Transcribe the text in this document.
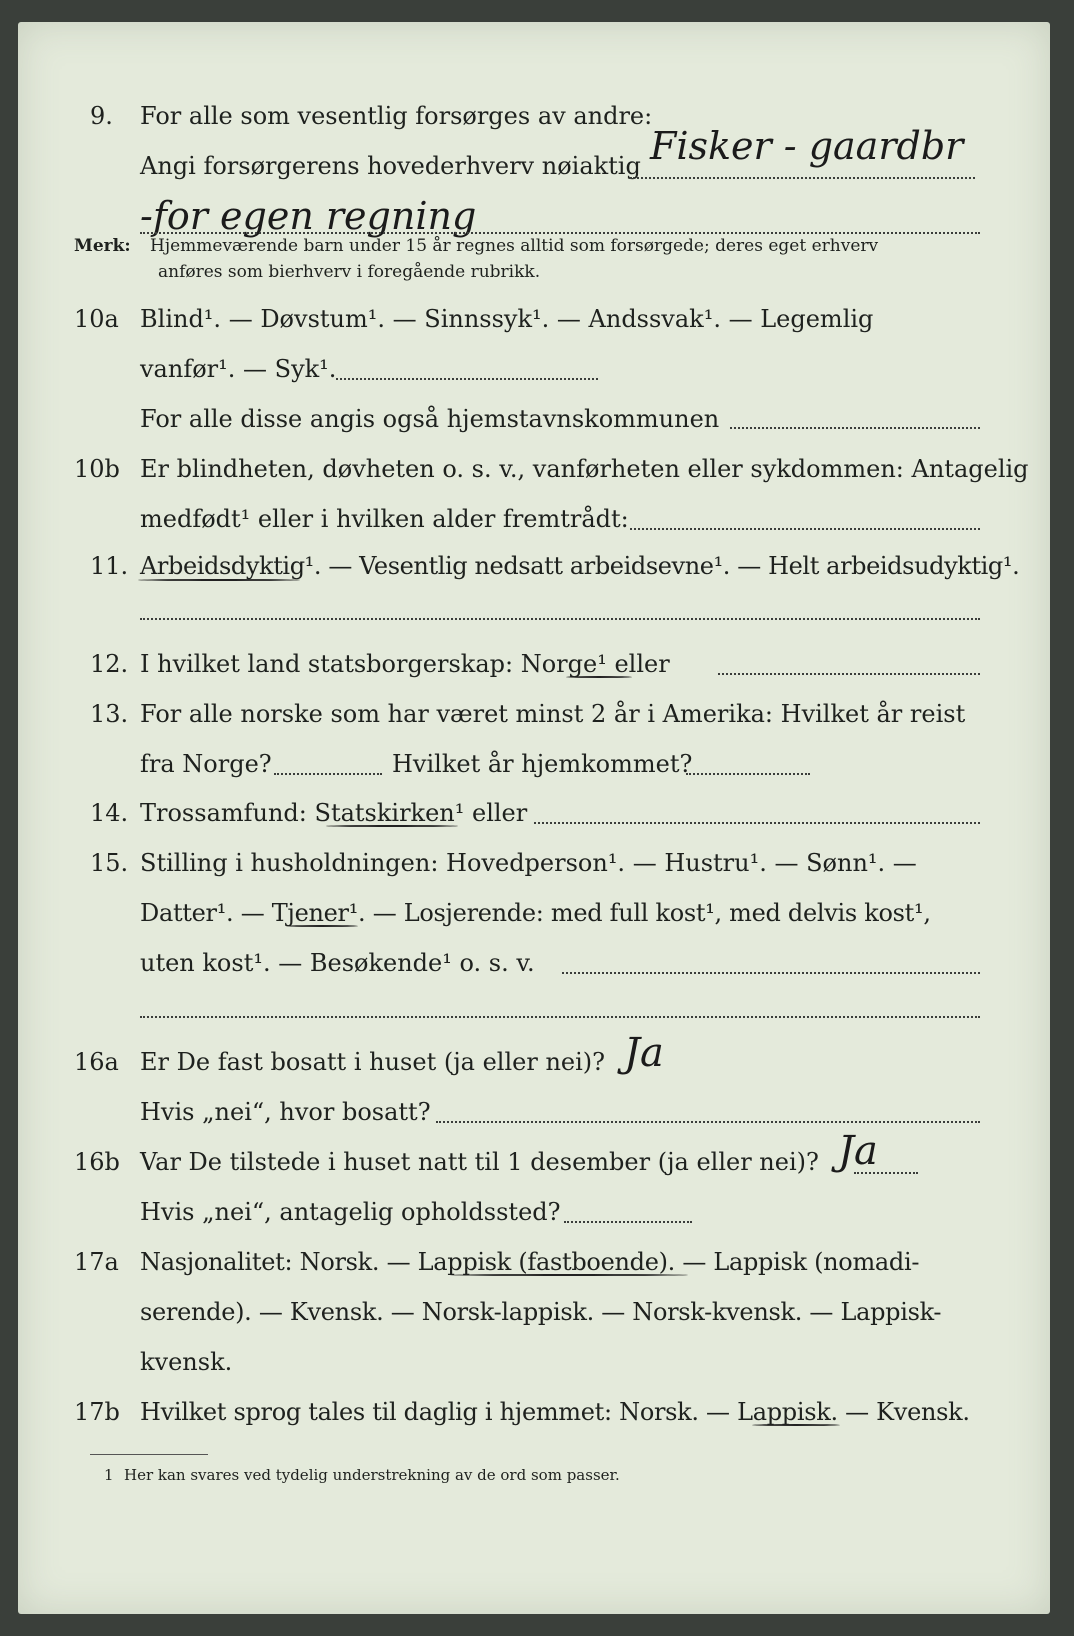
9. For alle som vesentlig forsørges av andre:
Angi forsørgerens hovederhverv nøiaktig Fisker - gaardbr
-for egen regning
Merk: Hjemmeværende barn under 15 år regnes alltid som forsørgede; deres eget erhverv
anføres som bierhverv i foregående rubrikk.
10a Blind¹. — Døvstum¹. — Sinnssyk¹. — Andssvak¹. — Legemlig
vanfør¹. — Syk¹.
For alle disse angis også hjemstavnskommunen
10b Er blindheten, døvheten o. s. v., vanførheten eller sykdommen: Antagelig
medfødt¹ eller i hvilken alder fremtrådt:
11. Arbeidsdyktig¹. — Vesentlig nedsatt arbeidsevne¹. — Helt arbeidsudyktig¹.
12. I hvilket land statsborgerskap: Norge¹ eller
13. For alle norske som har været minst 2 år i Amerika: Hvilket år reist
fra Norge?	Hvilket år hjemkommet?
14. Trossamfund: Statskirken¹ eller
15. Stilling i husholdningen: Hovedperson¹. — Hustru¹. — Sønn¹. —
Datter¹. — Tjener¹. — Losjerende: med full kost¹, med delvis kost¹,
uten kost¹. — Besøkende¹ o. s. v.
16a Er De fast bosatt i huset (ja eller nei)? Ja
Hvis „nei“, hvor bosatt?
16b Var De tilstede i huset natt til 1 desember (ja eller nei)? Ja
Hvis „nei“, antagelig opholdssted?
17a Nasjonalitet: Norsk. — Lappisk (fastboende). — Lappisk (nomadi-
serende). — Kvensk. — Norsk-lappisk. — Norsk-kvensk. — Lappisk-
kvensk.
17b Hvilket sprog tales til daglig i hjemmet: Norsk. — Lappisk. — Kvensk.
1 Her kan svares ved tydelig understrekning av de ord som passer.
